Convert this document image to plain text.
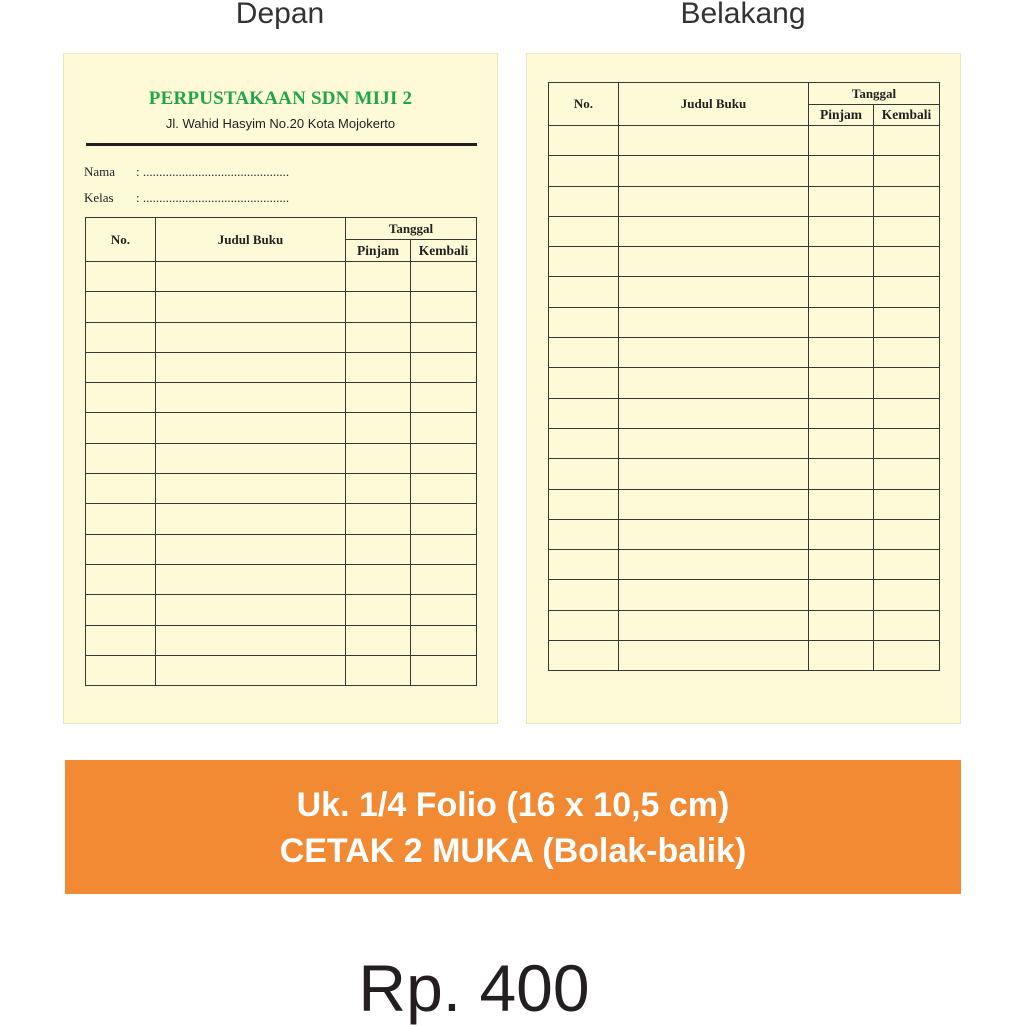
Depan	Belakang
PERPUSTAKAAN SDN MIJI 2
Jl. Wahid Hasyim No.20 Kota Mojokerto
Nama : .............................................
Kelas : .............................................
No.	Judul Buku	Tanggal	
		Pinjam	Kembali

No.	Judul Buku	Tanggal	
		Pinjam	Kembali

Uk. 1/4 Folio (16 x 10,5 cm)
CETAK 2 MUKA (Bolak-balik)
Rp. 400
